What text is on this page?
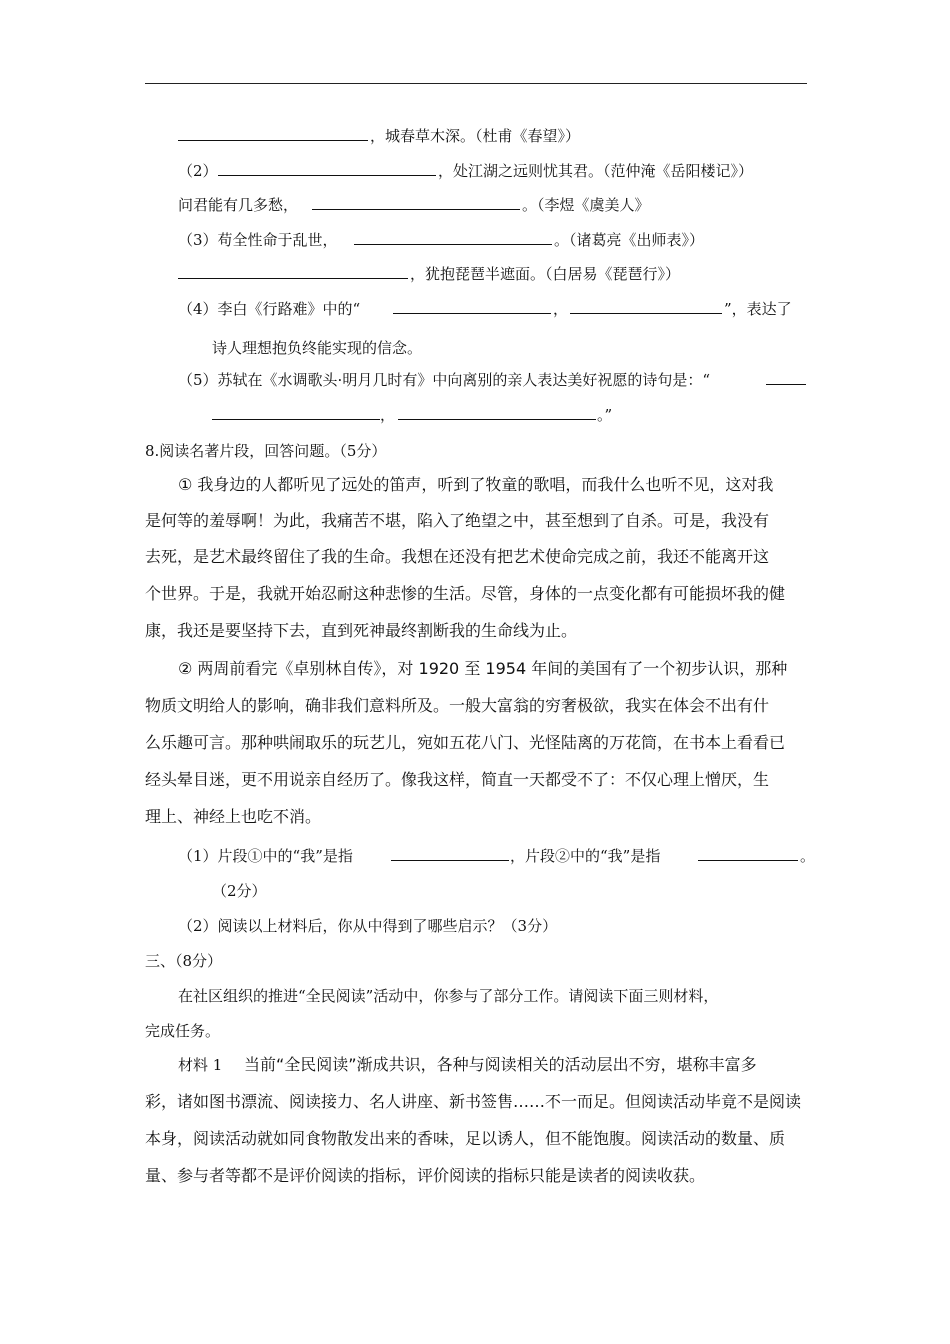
，城春草木深。（杜甫《春望》）
（2）	，处江湖之远则忧其君。（范仲淹《岳阳楼记》）
问君能有几多愁，	。（李煜《虞美人》
（3）苟全性命于乱世，	。（诸葛亮《出师表》）
，犹抱琵琶半遮面。（白居易《琵琶行》）
（4）李白《行路难》中的“	，	”，表达了
诗人理想抱负终能实现的信念。
（5）苏轼在《水调歌头·明月几时有》中向离别的亲人表达美好祝愿的诗句是：“
，	。”
8.阅读名著片段，回答问题。（5分）
① 我身边的人都听见了远处的笛声，听到了牧童的歌唱，而我什么也听不见，这对我
是何等的羞辱啊！为此，我痛苦不堪，陷入了绝望之中，甚至想到了自杀。可是，我没有
去死，是艺术最终留住了我的生命。我想在还没有把艺术使命完成之前，我还不能离开这
个世界。于是，我就开始忍耐这种悲惨的生活。尽管，身体的一点变化都有可能损坏我的健
康，我还是要坚持下去，直到死神最终割断我的生命线为止。
② 两周前看完《卓别林自传》，对 1920 至 1954 年间的美国有了一个初步认识，那种
物质文明给人的影响，确非我们意料所及。一般大富翁的穷奢极欲，我实在体会不出有什
么乐趣可言。那种哄闹取乐的玩艺儿，宛如五花八门、光怪陆离的万花筒，在书本上看看已
经头晕目迷，更不用说亲自经历了。像我这样，简直一天都受不了：不仅心理上憎厌，生
理上、神经上也吃不消。
（1）片段①中的“我”是指	，片段②中的“我”是指	。
（2分）
（2）阅读以上材料后，你从中得到了哪些启示？（3分）
三、（8分）
在社区组织的推进“全民阅读”活动中，你参与了部分工作。请阅读下面三则材料，
完成任务。
材料 1 　当前“全民阅读”渐成共识，各种与阅读相关的活动层出不穷，堪称丰富多
彩，诸如图书漂流、阅读接力、名人讲座、新书签售……不一而足。但阅读活动毕竟不是阅读
本身，阅读活动就如同食物散发出来的香味，足以诱人，但不能饱腹。阅读活动的数量、质
量、参与者等都不是评价阅读的指标，评价阅读的指标只能是读者的阅读收获。
